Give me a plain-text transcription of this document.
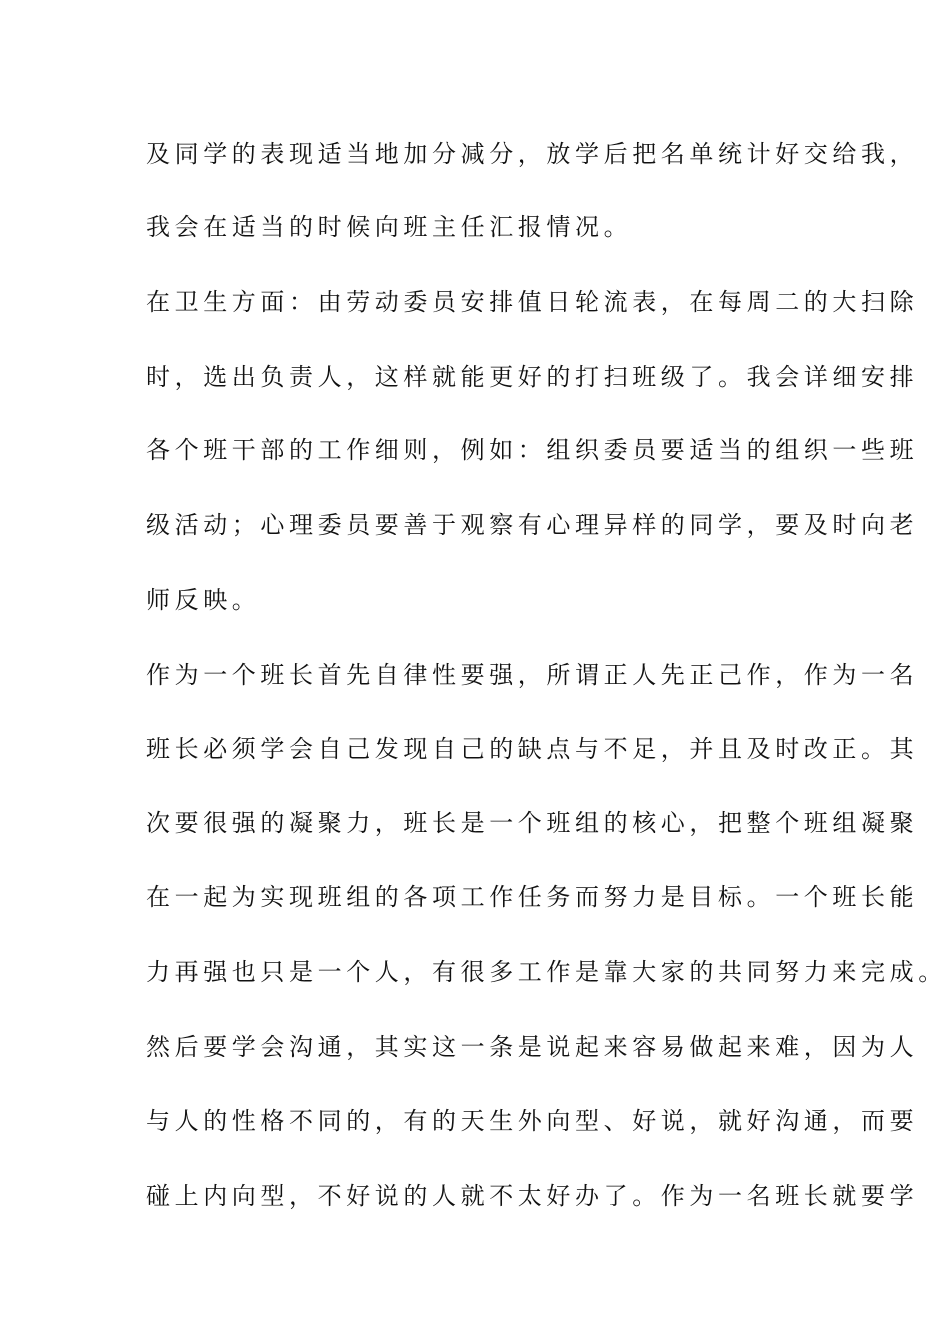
及同学的表现适当地加分减分，放学后把名单统计好交给我，
我会在适当的时候向班主任汇报情况。
在卫生方面：由劳动委员安排值日轮流表，在每周二的大扫除
时，选出负责人，这样就能更好的打扫班级了。我会详细安排
各个班干部的工作细则，例如：组织委员要适当的组织一些班
级活动；心理委员要善于观察有心理异样的同学，要及时向老
师反映。
作为一个班长首先自律性要强，所谓正人先正己作，作为一名
班长必须学会自己发现自己的缺点与不足，并且及时改正。其
次要很强的凝聚力，班长是一个班组的核心，把整个班组凝聚
在一起为实现班组的各项工作任务而努力是目标。一个班长能
力再强也只是一个人，有很多工作是靠大家的共同努力来完成。
然后要学会沟通，其实这一条是说起来容易做起来难，因为人
与人的性格不同的，有的天生外向型、好说，就好沟通，而要
碰上内向型，不好说的人就不太好办了。作为一名班长就要学
